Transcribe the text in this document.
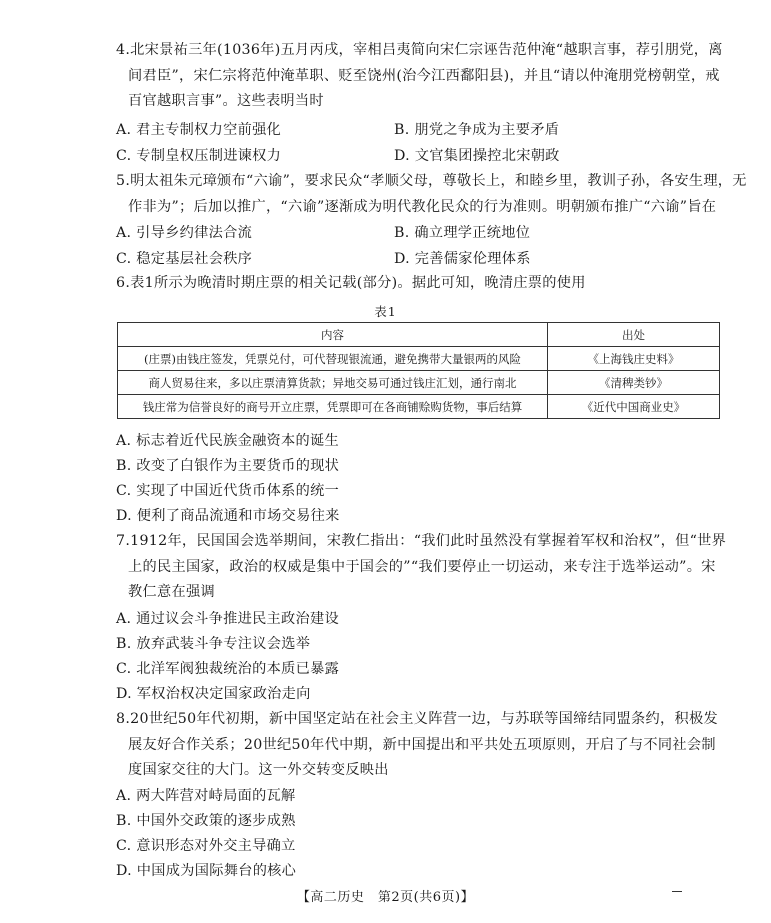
4.北宋景祐三年(1036年)五月丙戌，宰相吕夷简向宋仁宗诬告范仲淹“越职言事，荐引朋党，离
间君臣”，宋仁宗将范仲淹革职、贬至饶州(治今江西鄱阳县)，并且“请以仲淹朋党榜朝堂，戒
百官越职言事”。这些表明当时
A. 君主专制权力空前强化	B. 朋党之争成为主要矛盾
C. 专制皇权压制进谏权力	D. 文官集团操控北宋朝政
5.明太祖朱元璋颁布“六谕”，要求民众“孝顺父母，尊敬长上，和睦乡里，教训子孙，各安生理，无
作非为”；后加以推广，“六谕”逐渐成为明代教化民众的行为准则。明朝颁布推广“六谕”旨在
A. 引导乡约律法合流	B. 确立理学正统地位
C. 稳定基层社会秩序	D. 完善儒家伦理体系
6.表1所示为晚清时期庄票的相关记载(部分)。据此可知，晚清庄票的使用
表1
内容	出处
(庄票)由钱庄签发，凭票兑付，可代替现银流通，避免携带大量银两的风险	《上海钱庄史料》
商人贸易往来，多以庄票清算货款；异地交易可通过钱庄汇划，通行南北	《清稗类钞》
钱庄常为信誉良好的商号开立庄票，凭票即可在各商铺赊购货物，事后结算	《近代中国商业史》
A. 标志着近代民族金融资本的诞生
B. 改变了白银作为主要货币的现状
C. 实现了中国近代货币体系的统一
D. 便利了商品流通和市场交易往来
7.1912年，民国国会选举期间，宋教仁指出：“我们此时虽然没有掌握着军权和治权”，但“世界
上的民主国家，政治的权威是集中于国会的”“我们要停止一切运动，来专注于选举运动”。宋
教仁意在强调
A. 通过议会斗争推进民主政治建设
B. 放弃武装斗争专注议会选举
C. 北洋军阀独裁统治的本质已暴露
D. 军权治权决定国家政治走向
8.20世纪50年代初期，新中国坚定站在社会主义阵营一边，与苏联等国缔结同盟条约，积极发
展友好合作关系；20世纪50年代中期，新中国提出和平共处五项原则，开启了与不同社会制
度国家交往的大门。这一外交转变反映出
A. 两大阵营对峙局面的瓦解
B. 中国外交政策的逐步成熟
C. 意识形态对外交主导确立
D. 中国成为国际舞台的核心
【高二历史　第2页(共6页)】
